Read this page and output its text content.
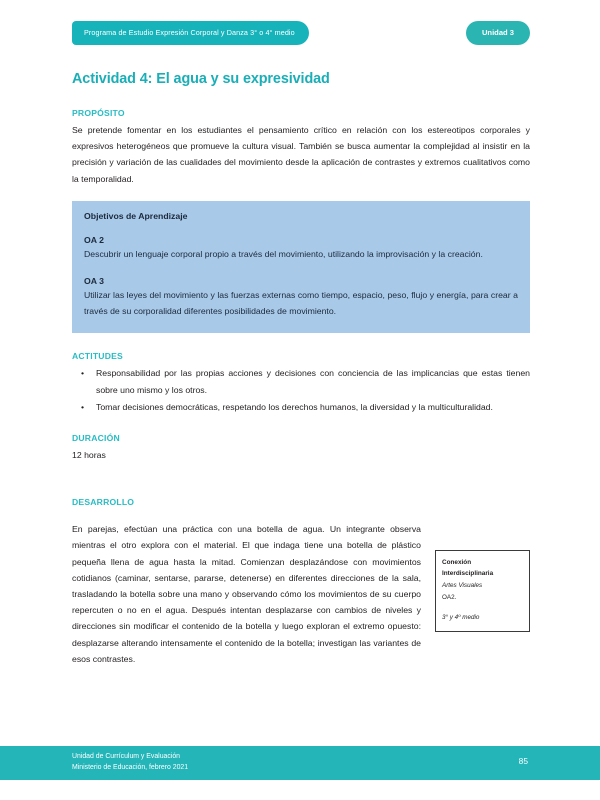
Programa de Estudio Expresión Corporal y Danza 3° o 4° medio	Unidad 3
Actividad 4: El agua y su expresividad
PROPÓSITO

Se pretende fomentar en los estudiantes el pensamiento crítico en relación con los estereotipos corporales y expresivos heterogéneos que promueve la cultura visual. También se busca aumentar la complejidad al insistir en la precisión y variación de las cualidades del movimiento desde la aplicación de contrastes y extremos cualitativos como la temporalidad.

Objetivos de Aprendizaje
OA 2

Descubrir un lenguaje corporal propio a través del movimiento, utilizando la improvisación y la creación.

OA 3

Utilizar las leyes del movimiento y las fuerzas externas como tiempo, espacio, peso, flujo y energía, para crear a través de su corporalidad diferentes posibilidades de movimiento.

ACTITUDES
• Responsabilidad por las propias acciones y decisiones con conciencia de las implicancias que estas tienen sobre uno mismo y los otros.
• Tomar decisiones democráticas, respetando los derechos humanos, la diversidad y la multiculturalidad.
DURACIÓN

12 horas

DESARROLLO

Conexión Interdisciplinaria

Artes Visuales

OA2.

3° y 4º medio

En parejas, efectúan una práctica con una botella de agua. Un integrante observa mientras el otro explora con el material. El que indaga tiene una botella de plástico pequeña llena de agua hasta la mitad. Comienzan desplazándose con movimientos cotidianos (caminar, sentarse, pararse, detenerse) en diferentes direcciones de la sala, trasladando la botella sobre una mano y observando cómo los movimientos de su cuerpo repercuten o no en el agua. Después intentan desplazarse con cambios de niveles y direcciones sin modificar el contenido de la botella y luego exploran el extremo opuesto: desplazarse alterando intensamente el contenido de la botella; investigan las variantes de esos contrastes.

Unidad de Currículum y Evaluación

Ministerio de Educación, febrero 2021

85
